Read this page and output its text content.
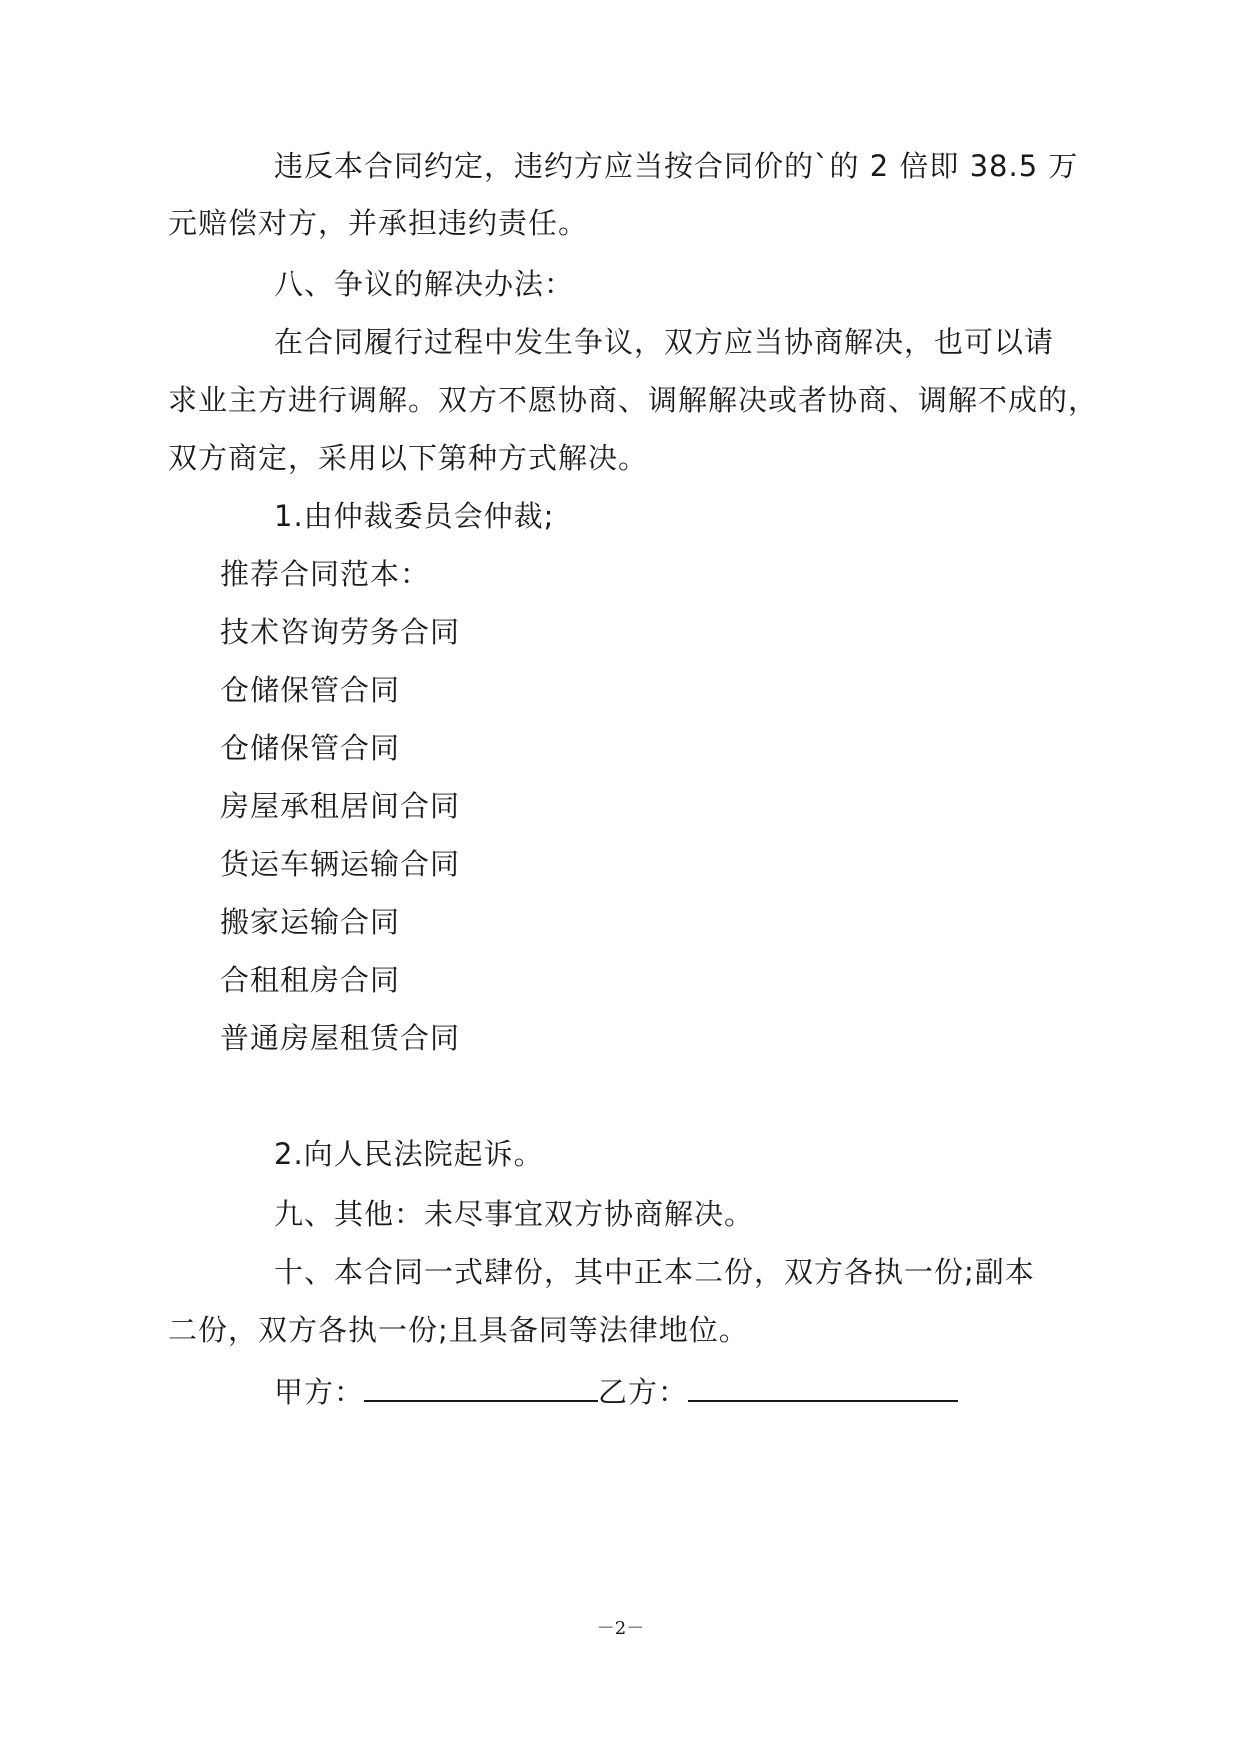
违反本合同约定，违约方应当按合同价的`的 2 倍即 38.5 万
元赔偿对方，并承担违约责任。
八、争议的解决办法：
在合同履行过程中发生争议，双方应当协商解决，也可以请
求业主方进行调解。双方不愿协商、调解解决或者协商、调解不成的，
双方商定，采用以下第种方式解决。
1.由仲裁委员会仲裁;
推荐合同范本：
技术咨询劳务合同
仓储保管合同
仓储保管合同
房屋承租居间合同
货运车辆运输合同
搬家运输合同
合租租房合同
普通房屋租赁合同
2.向人民法院起诉。
九、其他：未尽事宜双方协商解决。
十、本合同一式肆份，其中正本二份，双方各执一份;副本
二份，双方各执一份;且具备同等法律地位。
甲方：	乙方：
－2－
